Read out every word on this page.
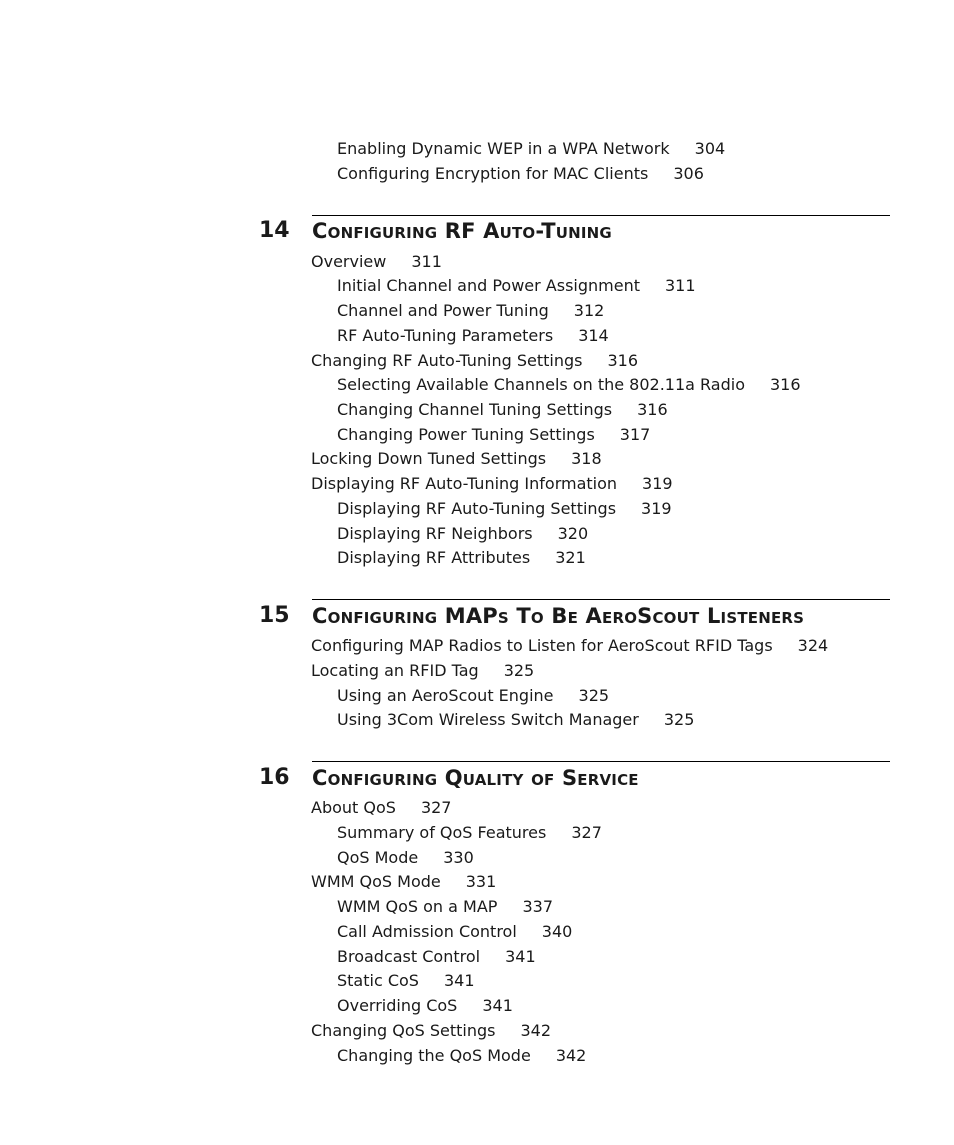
Enabling Dynamic WEP in a WPA Network 304
Configuring Encryption for MAC Clients 306
14 Configuring RF Auto-Tuning
Overview 311
Initial Channel and Power Assignment 311
Channel and Power Tuning 312
RF Auto-Tuning Parameters 314
Changing RF Auto-Tuning Settings 316
Selecting Available Channels on the 802.11a Radio 316
Changing Channel Tuning Settings 316
Changing Power Tuning Settings 317
Locking Down Tuned Settings 318
Displaying RF Auto-Tuning Information 319
Displaying RF Auto-Tuning Settings 319
Displaying RF Neighbors 320
Displaying RF Attributes 321
15 Configuring MAPs To Be AeroScout Listeners
Configuring MAP Radios to Listen for AeroScout RFID Tags 324
Locating an RFID Tag 325
Using an AeroScout Engine 325
Using 3Com Wireless Switch Manager 325
16 Configuring Quality of Service
About QoS 327
Summary of QoS Features 327
QoS Mode 330
WMM QoS Mode 331
WMM QoS on a MAP 337
Call Admission Control 340
Broadcast Control 341
Static CoS 341
Overriding CoS 341
Changing QoS Settings 342
Changing the QoS Mode 342
